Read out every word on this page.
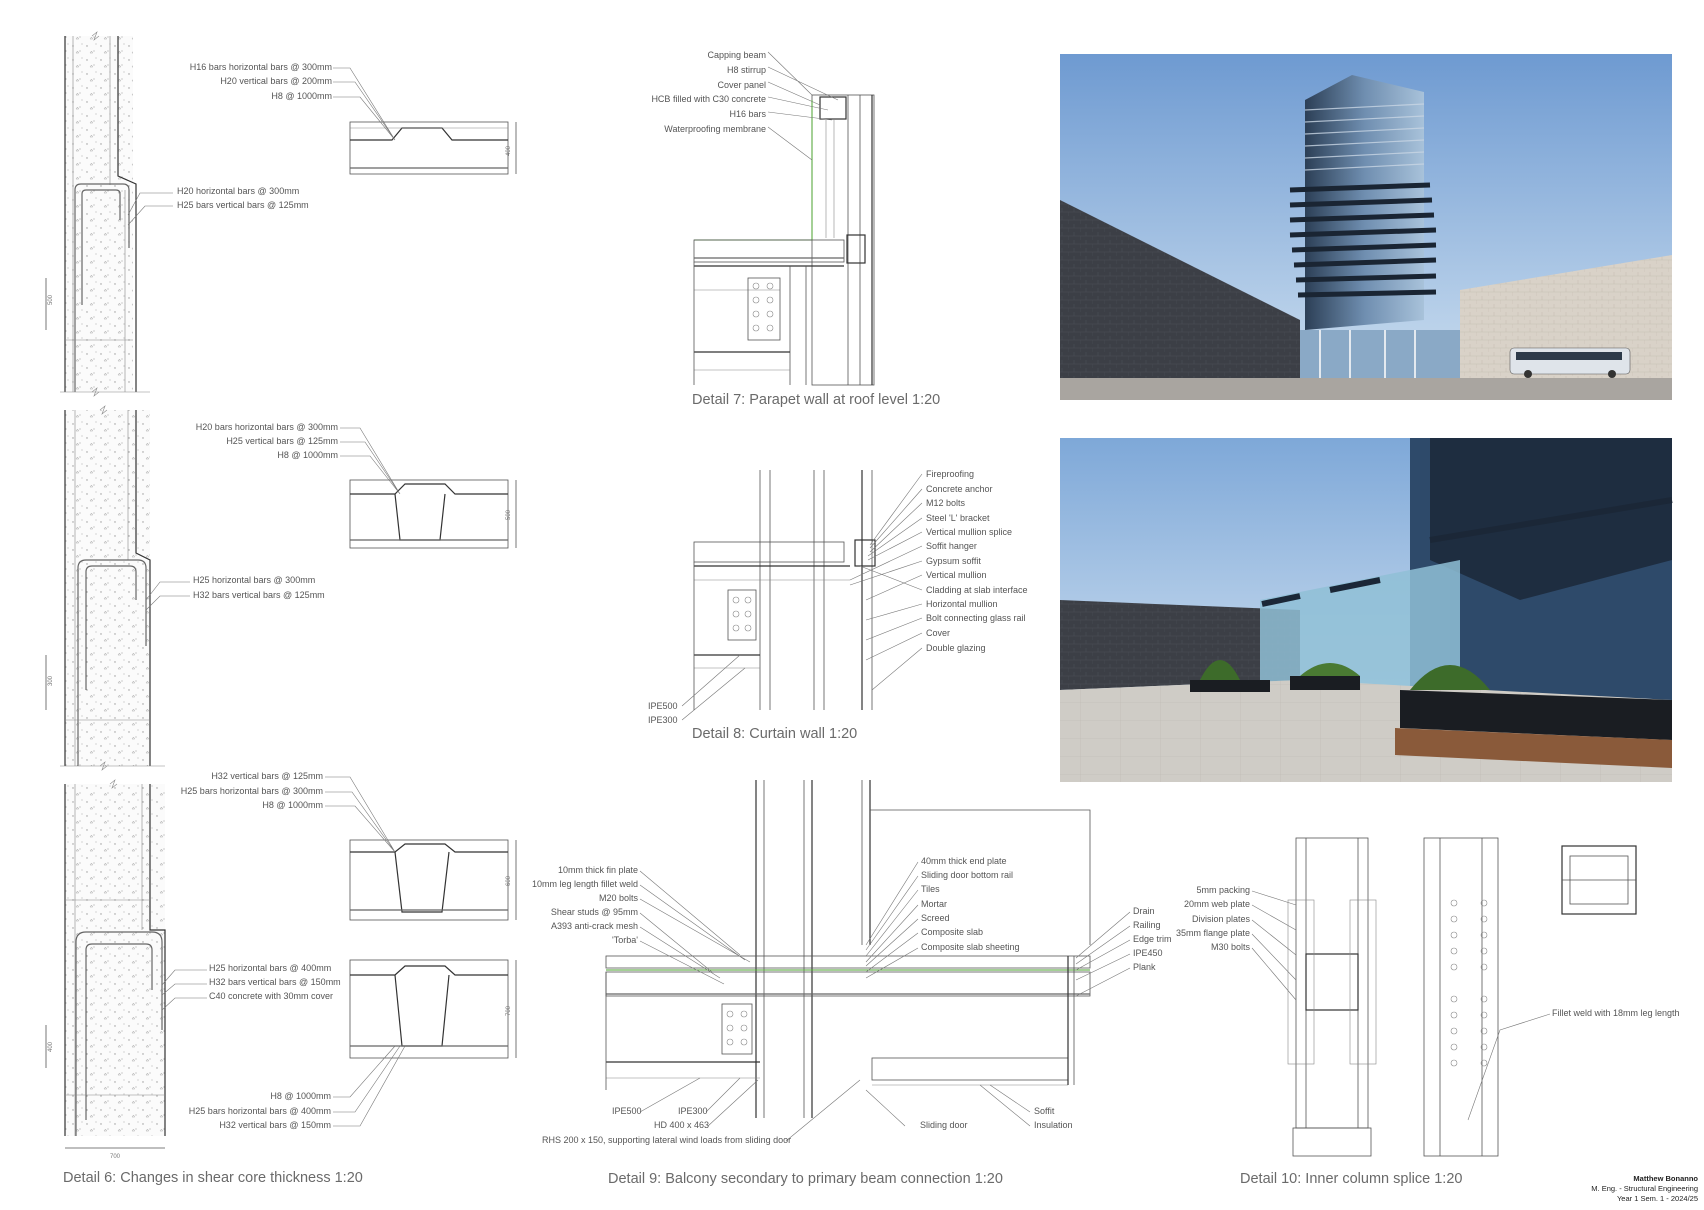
500
300
400
700
400
500
600
700
H16 bars horizontal bars @ 300mm
H20 vertical bars @ 200mm
H8 @ 1000mm
H20 horizontal bars @ 300mm
H25 bars vertical bars @ 125mm
H20 bars horizontal bars @ 300mm
H25 vertical bars @ 125mm
H8 @ 1000mm
H25 horizontal bars @ 300mm
H32 bars vertical bars @ 125mm
H32 vertical bars @ 125mm
H25 bars horizontal bars @ 300mm
H8 @ 1000mm
H25 horizontal bars @ 400mm
H32 bars vertical bars @ 150mm
C40 concrete with 30mm cover
H8 @ 1000mm
H25 bars horizontal bars @ 400mm
H32 vertical bars @ 150mm
Detail 6: Changes in shear core thickness 1:20
Capping beam
H8 stirrup
Cover panel
HCB filled with C30 concrete
H16 bars
Waterproofing membrane
Detail 7: Parapet wall at roof level 1:20
Fireproofing
Concrete anchor
M12 bolts
Steel 'L' bracket
Vertical mullion splice
Soffit hanger
Gypsum soffit
Vertical mullion
Cladding at slab interface
Horizontal mullion
Bolt connecting glass rail
Cover
Double glazing
IPE500
IPE300
Detail 8: Curtain wall 1:20
10mm thick fin plate
10mm leg length fillet weld
M20 bolts
Shear studs @ 95mm
A393 anti-crack mesh
'Torba'
40mm thick end plate
Sliding door bottom rail
Tiles
Mortar
Screed
Composite slab
Composite slab sheeting
Drain
Railing
Edge trim
IPE450
Plank
IPE500	IPE300
HD 400 x 463
RHS 200 x 150, supporting lateral wind loads from sliding door
Sliding door
Soffit
Insulation
Detail 9: Balcony secondary to primary beam connection 1:20
5mm packing
20mm web plate
Division plates
35mm flange plate
M30 bolts
Fillet weld with 18mm leg length
Detail 10: Inner column splice 1:20	Matthew Bonanno
M. Eng. - Structural Engineering
Year 1 Sem. 1 - 2024/25
